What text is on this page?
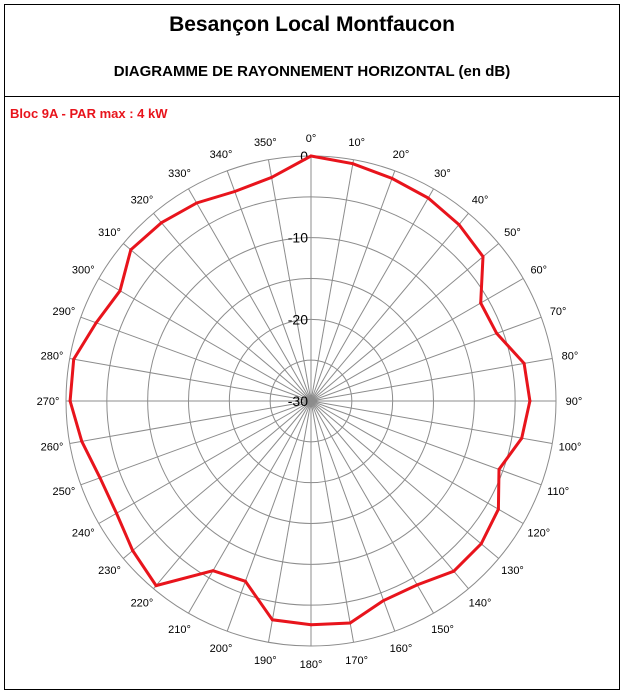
Besançon Local Montfaucon
DIAGRAMME DE RAYONNEMENT HORIZONTAL (en dB)
Bloc 9A - PAR max : 4 kW
0°	10°
20°
30°
40°
50°
60°
70°
80°
90°
100°
110°
120°
130°
140°
150°
160°
170°
180°
190°
200°
210°
220°
230°
240°
250°
260°
270°
280°
290°
300°
310°
320°
330°
340°
350°
0
-10
-20
-30
